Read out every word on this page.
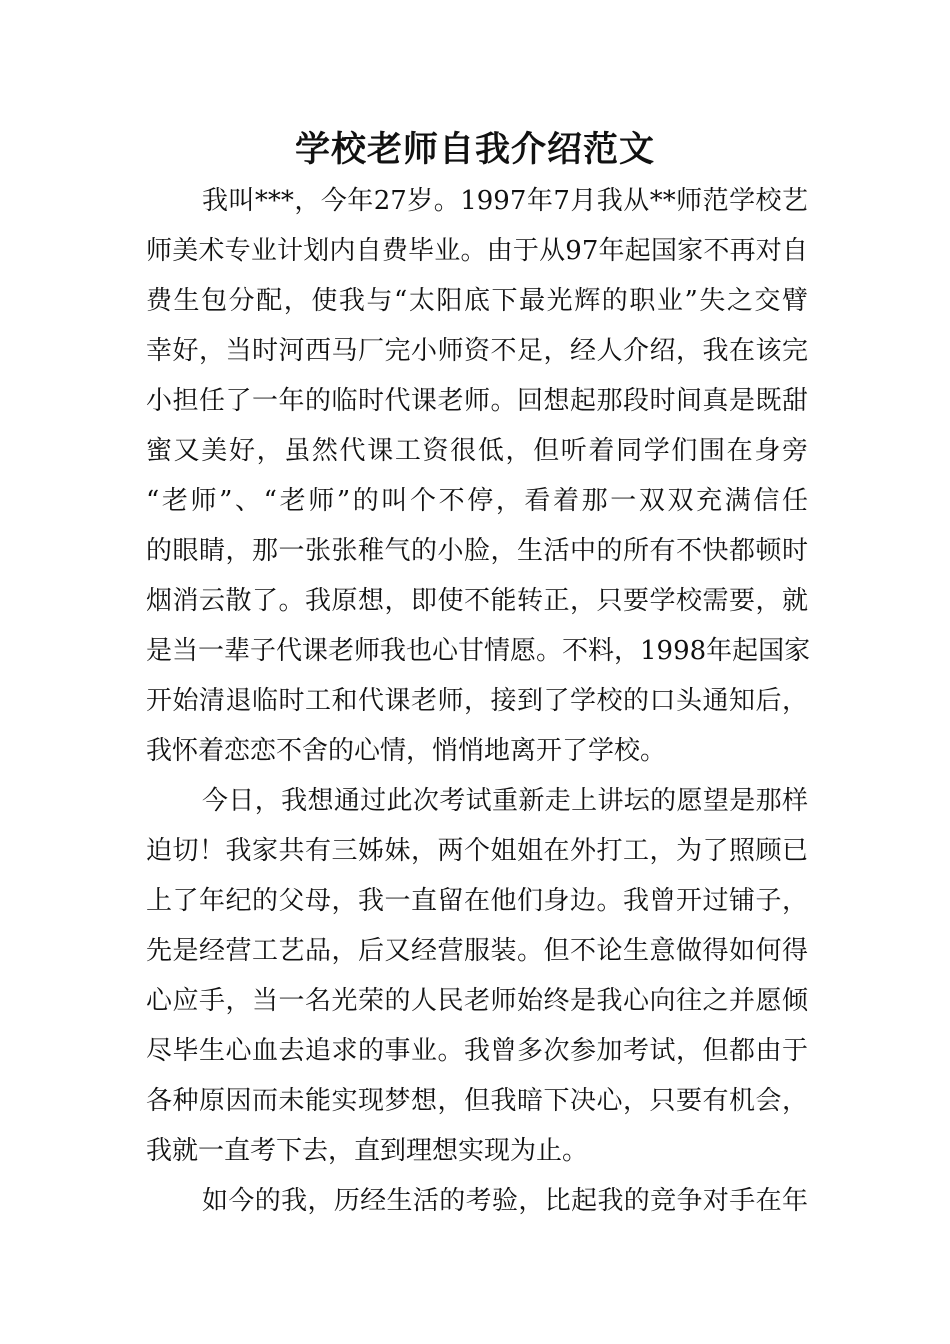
学校老师自我介绍范文

我叫***，今年27岁。1997年7月我从**师范学校艺

师美术专业计划内自费毕业。由于从97年起国家不再对自

费生包分配，使我与“太阳底下最光辉的职业”失之交臂

幸好，当时河西马厂完小师资不足，经人介绍，我在该完

小担任了一年的临时代课老师。回想起那段时间真是既甜

蜜又美好，虽然代课工资很低，但听着同学们围在身旁

“老师”、“老师”的叫个不停，看着那一双双充满信任

的眼睛，那一张张稚气的小脸，生活中的所有不快都顿时

烟消云散了。我原想，即使不能转正，只要学校需要，就

是当一辈子代课老师我也心甘情愿。不料，1998年起国家

开始清退临时工和代课老师，接到了学校的口头通知后，

我怀着恋恋不舍的心情，悄悄地离开了学校。

今日，我想通过此次考试重新走上讲坛的愿望是那样

迫切！我家共有三姊妹，两个姐姐在外打工，为了照顾已

上了年纪的父母，我一直留在他们身边。我曾开过铺子，

先是经营工艺品，后又经营服装。但不论生意做得如何得

心应手，当一名光荣的人民老师始终是我心向往之并愿倾

尽毕生心血去追求的事业。我曾多次参加考试，但都由于

各种原因而未能实现梦想，但我暗下决心，只要有机会，

我就一直考下去，直到理想实现为止。

如今的我，历经生活的考验，比起我的竞争对手在年
